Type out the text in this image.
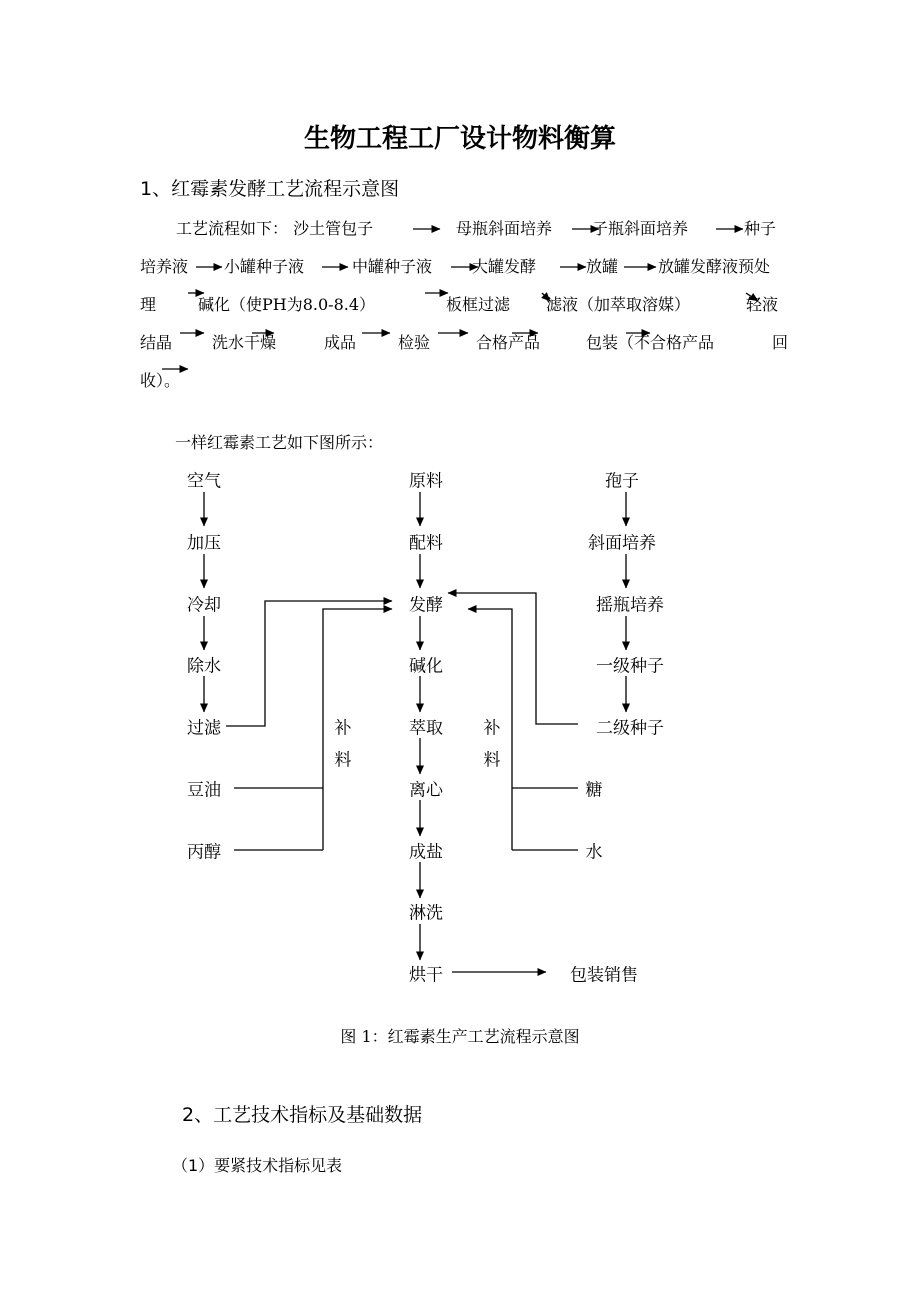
生物工程工厂设计物料衡算
1、红霉素发酵工艺流程示意图
工艺流程如下： 沙土管包子	母瓶斜面培养 子瓶斜面培养	种子
培养液 小罐种子液	中罐种子液 大罐发酵	放罐 放罐发酵液预处
理	碱化（使PH为8.0-8.4）	板框过滤 滤液（加萃取溶媒）	轻液
结晶 洗水干燥	成品	检验	合格产品	包装（不合格产品	回
收）。
一样红霉素工艺如下图所示：
空气
加压
冷却
除水
过滤
豆油
丙醇
原料
配料
发酵
碱化
萃取
离心
成盐
淋洗
烘干
孢子
斜面培养
摇瓶培养
一级种子
二级种子
糖
水
补
料
补
料
包装销售
图 1：红霉素生产工艺流程示意图
2、工艺技术指标及基础数据
（1）要紧技术指标见表
